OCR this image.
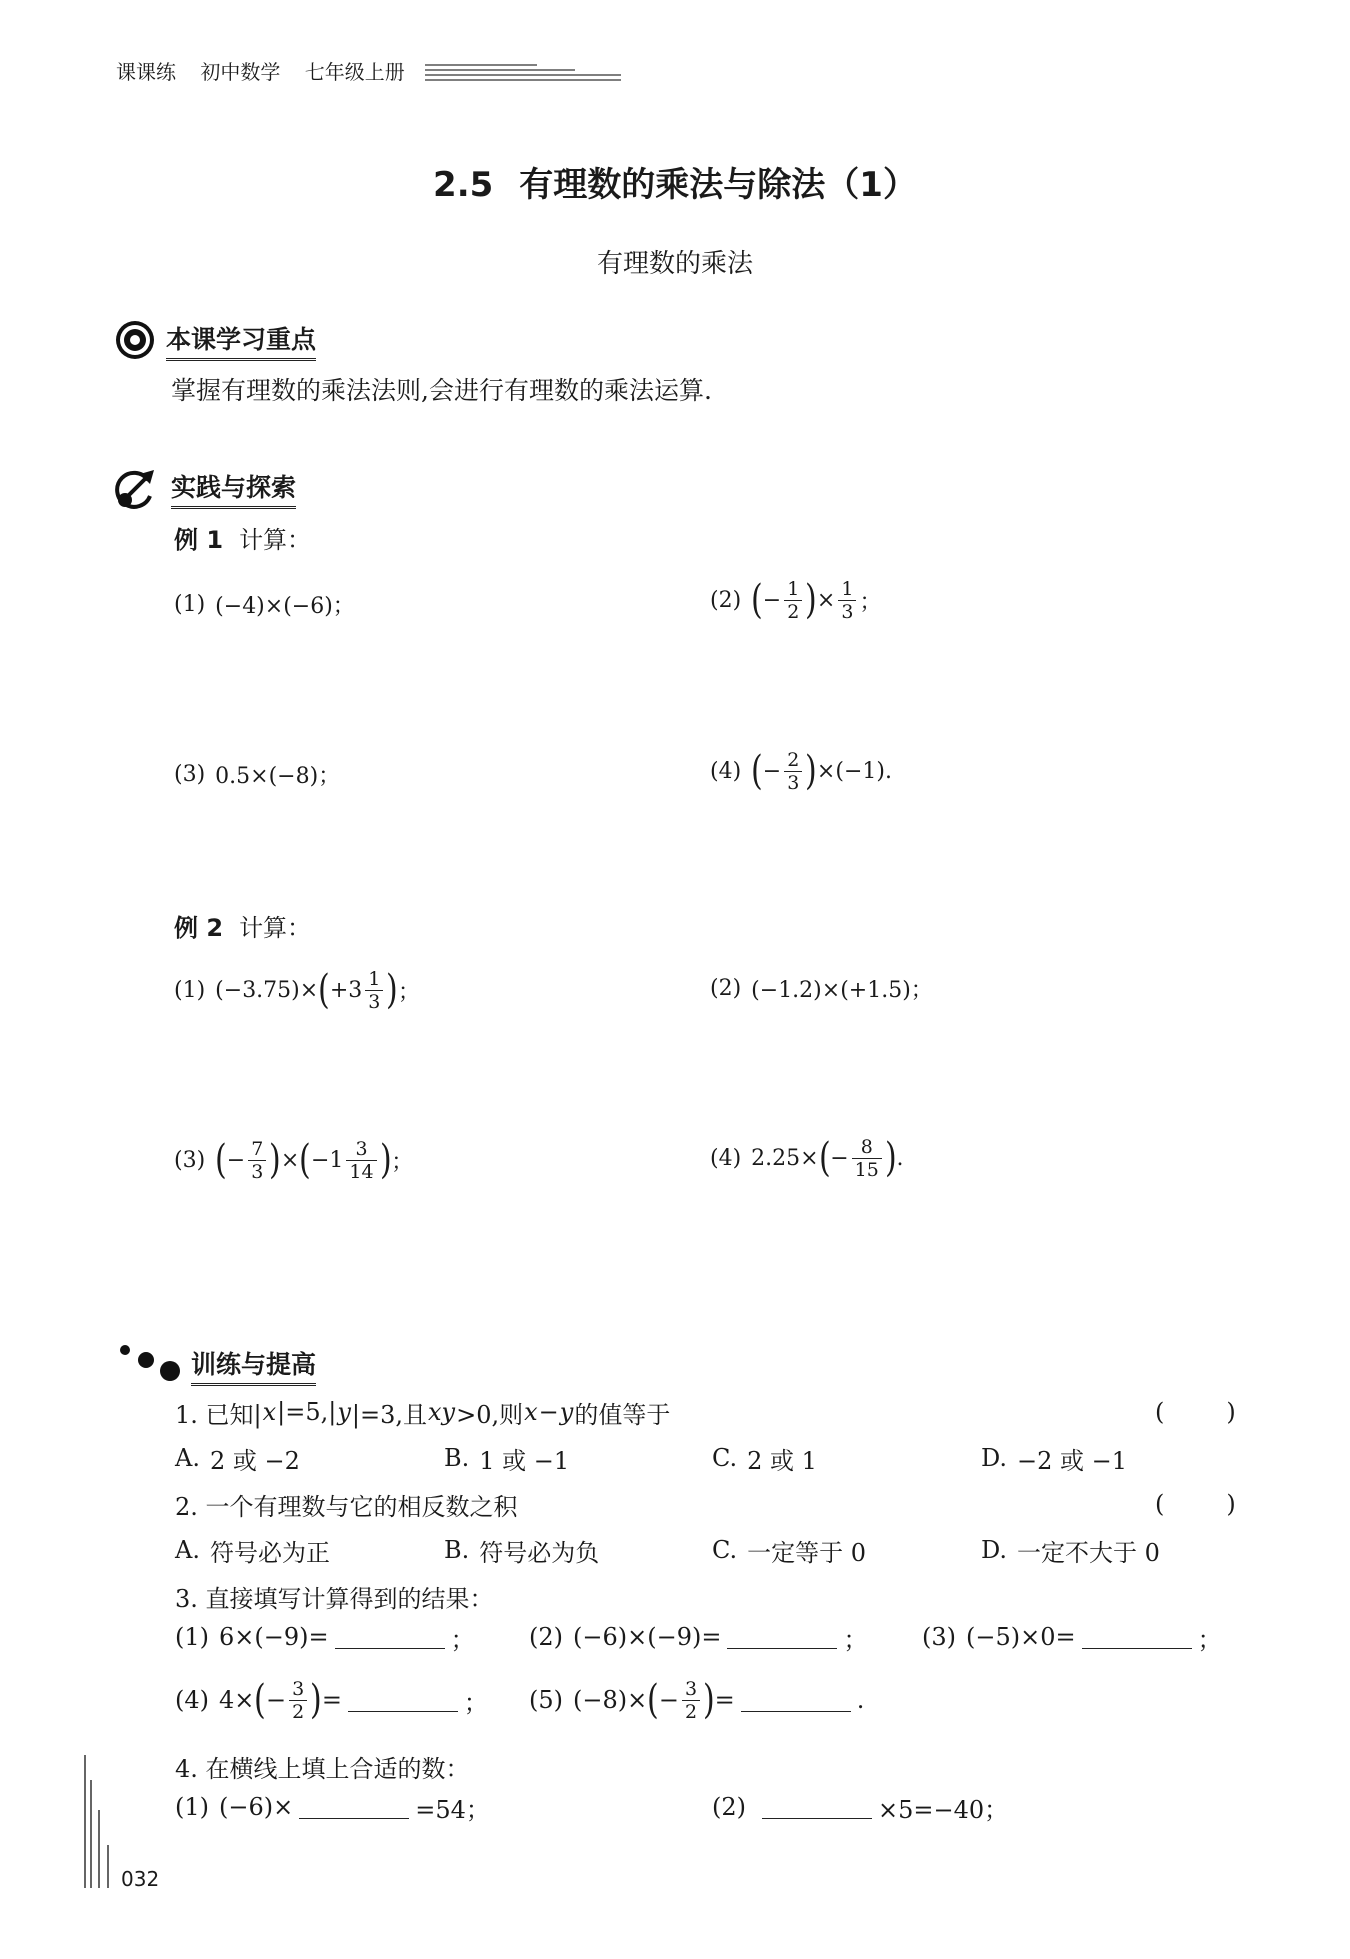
课课练 初中数学 七年级上册
2.5 有理数的乘法与除法（1）
有理数的乘法
本课学习重点
掌握有理数的乘法法则,会进行有理数的乘法运算.
实践与探索
例 1 计算：
(1) (−4)×(−6)；	(2) ( − $\frac{1}{2}$ ) × $\frac{1}{3}$ ；
(3) 0.5×(−8)；	(4) ( − $\frac{2}{3}$ ) ×(−1).
例 2 计算：
(1) (−3.75)× ( $+3 \frac{1}{3}$ ) ；	(2) (−1.2)×(+1.5)；
(3) ( − $\frac{7}{3}$ ) × ( $-1 \frac{3}{14}$ ) ；	(4) 2.25× ( − $\frac{8}{15}$ ) .
训练与提高
1. 已知| x |=5,| y |=3,且 xy >0,则 x − y 的值等于	(	)
A. 2 或 −2	B. 1 或 −1	C. 2 或 1	D. −2 或 −1
2. 一个有理数与它的相反数之积	(	)
A. 符号必为正	B. 符号必为负	C. 一定等于 0	D. 一定不大于 0
3. 直接填写计算得到的结果：
(1) 6×(−9)=	； (2) (−6)×(−9)=	； (3) (−5)×0=	；
(4) 4× ( − $\frac{3}{2}$ ) =	； (5) (−8)× ( − $\frac{3}{2}$ ) =	.
4. 在横线上填上合适的数：
(1) (−6)×	=54；	(2)	×5=−40；
032
